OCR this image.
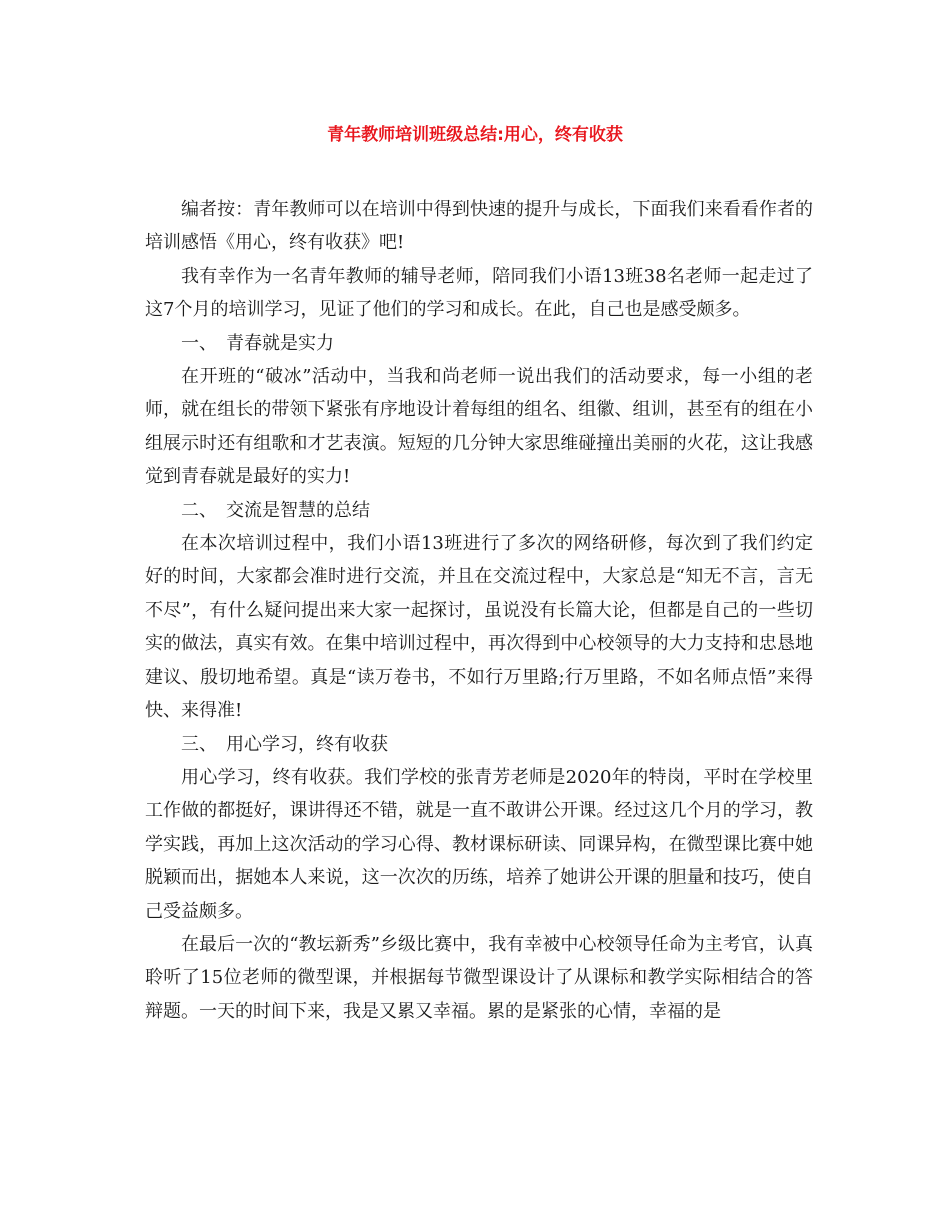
青年教师培训班级总结:用心，终有收获

编者按：青年教师可以在培训中得到快速的提升与成长，下面我们来看看作者的培训感悟《用心，终有收获》吧!

我有幸作为一名青年教师的辅导老师，陪同我们小语13班38名老师一起走过了这7个月的培训学习，见证了他们的学习和成长。在此，自己也是感受颇多。

一、　青春就是实力

在开班的“破冰”活动中，当我和尚老师一说出我们的活动要求，每一小组的老师，就在组长的带领下紧张有序地设计着每组的组名、组徽、组训，甚至有的组在小组展示时还有组歌和才艺表演。短短的几分钟大家思维碰撞出美丽的火花，这让我感觉到青春就是最好的实力!

二、　交流是智慧的总结

在本次培训过程中，我们小语13班进行了多次的网络研修，每次到了我们约定好的时间，大家都会准时进行交流，并且在交流过程中，大家总是“知无不言，言无不尽”，有什么疑问提出来大家一起探讨，虽说没有长篇大论，但都是自己的一些切实的做法，真实有效。在集中培训过程中，再次得到中心校领导的大力支持和忠恳地建议、殷切地希望。真是“读万卷书，不如行万里路;行万里路，不如名师点悟”来得快、来得准!

三、　用心学习，终有收获

用心学习，终有收获。我们学校的张青芳老师是2020年的特岗，平时在学校里工作做的都挺好，课讲得还不错，就是一直不敢讲公开课。经过这几个月的学习，教学实践，再加上这次活动的学习心得、教材课标研读、同课异构，在微型课比赛中她脱颖而出，据她本人来说，这一次次的历练，培养了她讲公开课的胆量和技巧，使自己受益颇多。

在最后一次的“教坛新秀”乡级比赛中，我有幸被中心校领导任命为主考官，认真聆听了15位老师的微型课，并根据每节微型课设计了从课标和教学实际相结合的答辩题。一天的时间下来，我是又累又幸福。累的是紧张的心情，幸福的是
